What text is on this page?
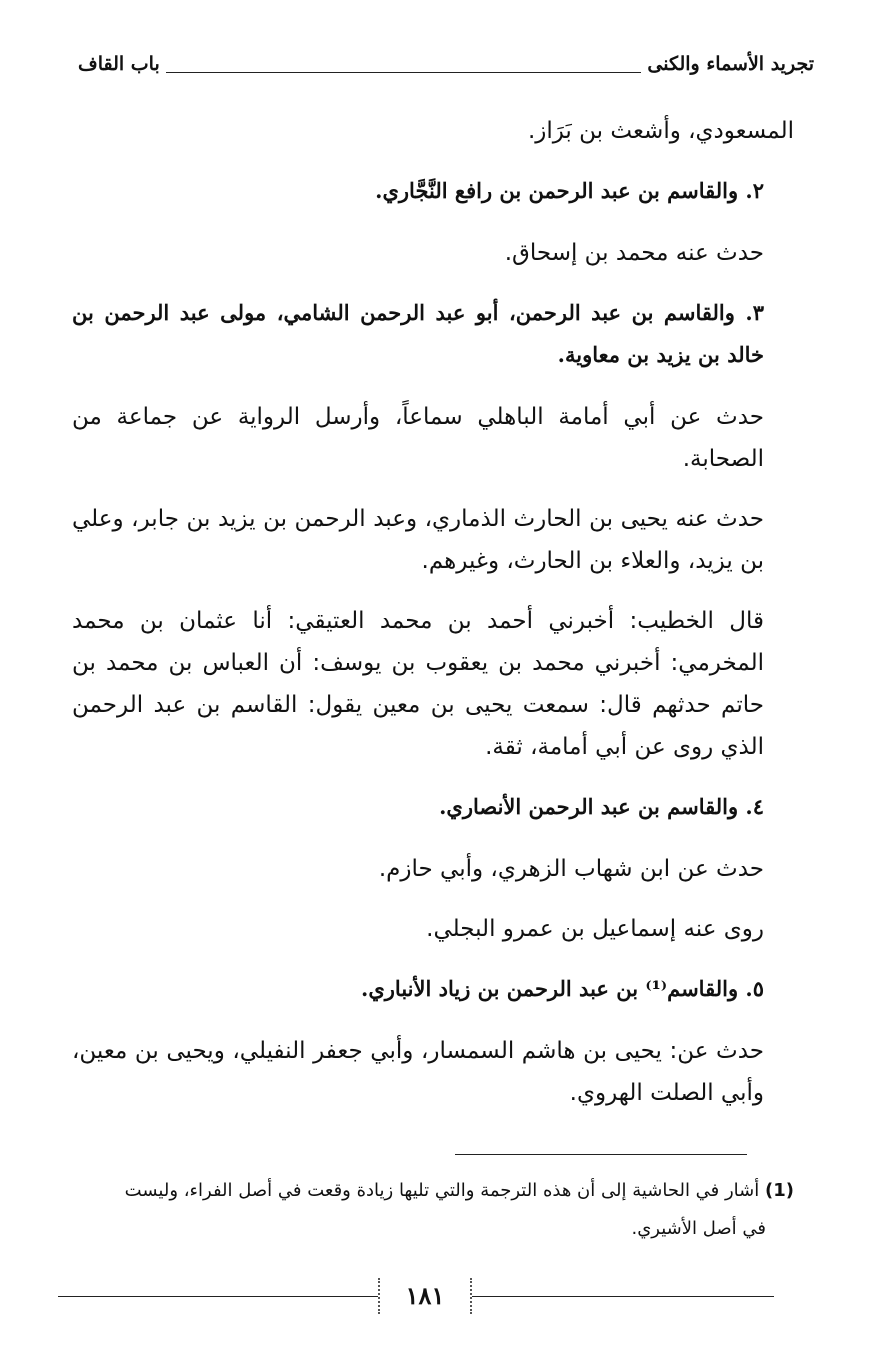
تجريد الأسماء والكنى
باب القاف

المسعودي، وأشعث بن بَرَاز.

٢. والقاسم بن عبد الرحمن بن رافع النَّجَّاري.

حدث عنه محمد بن إسحاق.

٣. والقاسم بن عبد الرحمن، أبو عبد الرحمن الشامي، مولى عبد الرحمن بن خالد بن يزيد بن معاوية.

حدث عن أبي أمامة الباهلي سماعاً، وأرسل الرواية عن جماعة من الصحابة.

حدث عنه يحيى بن الحارث الذماري، وعبد الرحمن بن يزيد بن جابر، وعلي بن يزيد، والعلاء بن الحارث، وغيرهم.

قال الخطيب: أخبرني أحمد بن محمد العتيقي: أنا عثمان بن محمد المخرمي: أخبرني محمد بن يعقوب بن يوسف: أن العباس بن محمد بن حاتم حدثهم قال: سمعت يحيى بن معين يقول: القاسم بن عبد الرحمن الذي روى عن أبي أمامة، ثقة.

٤. والقاسم بن عبد الرحمن الأنصاري.

حدث عن ابن شهاب الزهري، وأبي حازم.

روى عنه إسماعيل بن عمرو البجلي.

٥. والقاسم⁽¹⁾ بن عبد الرحمن بن زياد الأنباري.

حدث عن: يحيى بن هاشم السمسار، وأبي جعفر النفيلي، ويحيى بن معين، وأبي الصلت الهروي.

(1) أشار في الحاشية إلى أن هذه الترجمة والتي تليها زيادة وقعت في أصل الفراء، وليست
في أصل الأشيري.
١٨١
